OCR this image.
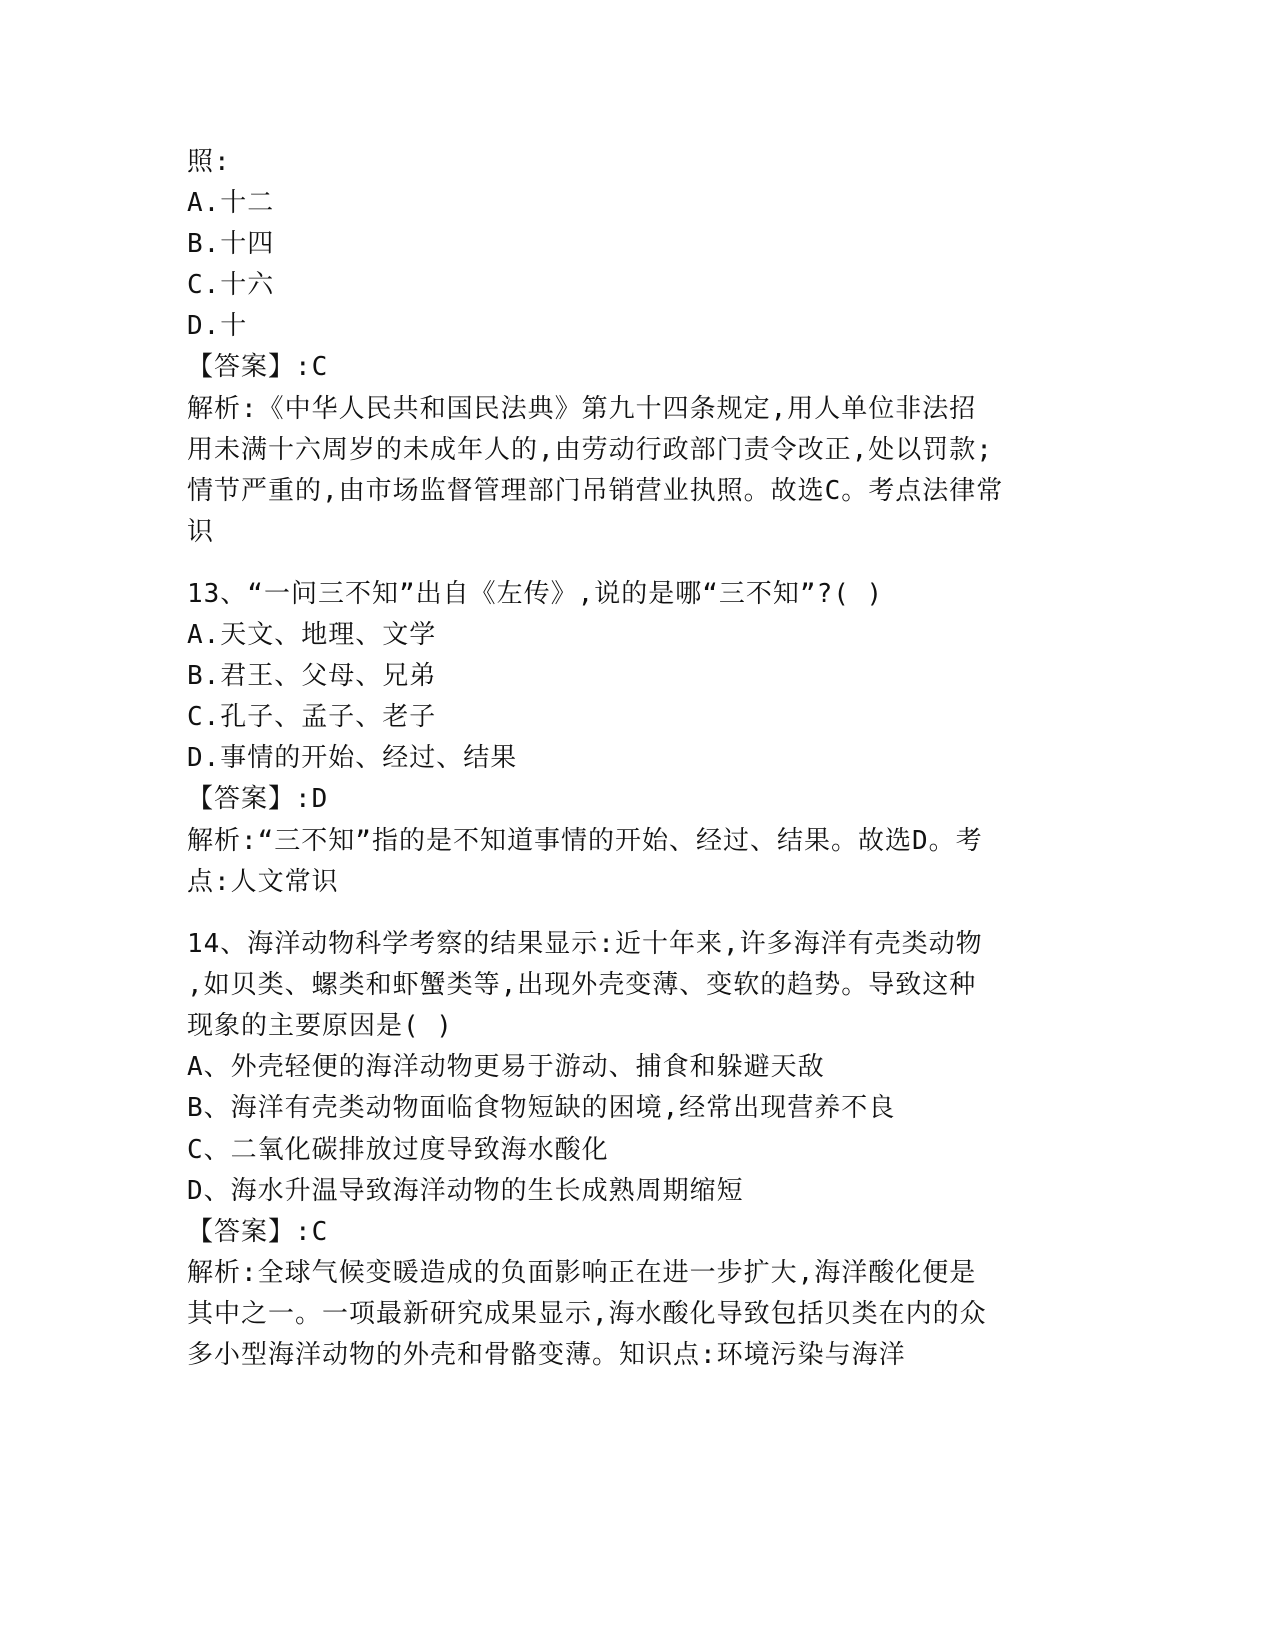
照:
A.十二
B.十四
C.十六
D.十
【答案】:C
解析:《中华人民共和国民法典》第九十四条规定,用人单位非法招
用未满十六周岁的未成年人的,由劳动行政部门责令改正,处以罚款;
情节严重的,由市场监督管理部门吊销营业执照。故选C。考点法律常
识
13、“一问三不知”出自《左传》,说的是哪“三不知”?( )
A.天文、地理、文学
B.君王、父母、兄弟
C.孔子、孟子、老子
D.事情的开始、经过、结果
【答案】:D
解析:“三不知”指的是不知道事情的开始、经过、结果。故选D。考
点:人文常识
14、海洋动物科学考察的结果显示:近十年来,许多海洋有壳类动物
,如贝类、螺类和虾蟹类等,出现外壳变薄、变软的趋势。导致这种
现象的主要原因是( )
A、外壳轻便的海洋动物更易于游动、捕食和躲避天敌
B、海洋有壳类动物面临食物短缺的困境,经常出现营养不良
C、二氧化碳排放过度导致海水酸化
D、海水升温导致海洋动物的生长成熟周期缩短
【答案】:C
解析:全球气候变暖造成的负面影响正在进一步扩大,海洋酸化便是
其中之一。一项最新研究成果显示,海水酸化导致包括贝类在内的众
多小型海洋动物的外壳和骨骼变薄。知识点:环境污染与海洋
